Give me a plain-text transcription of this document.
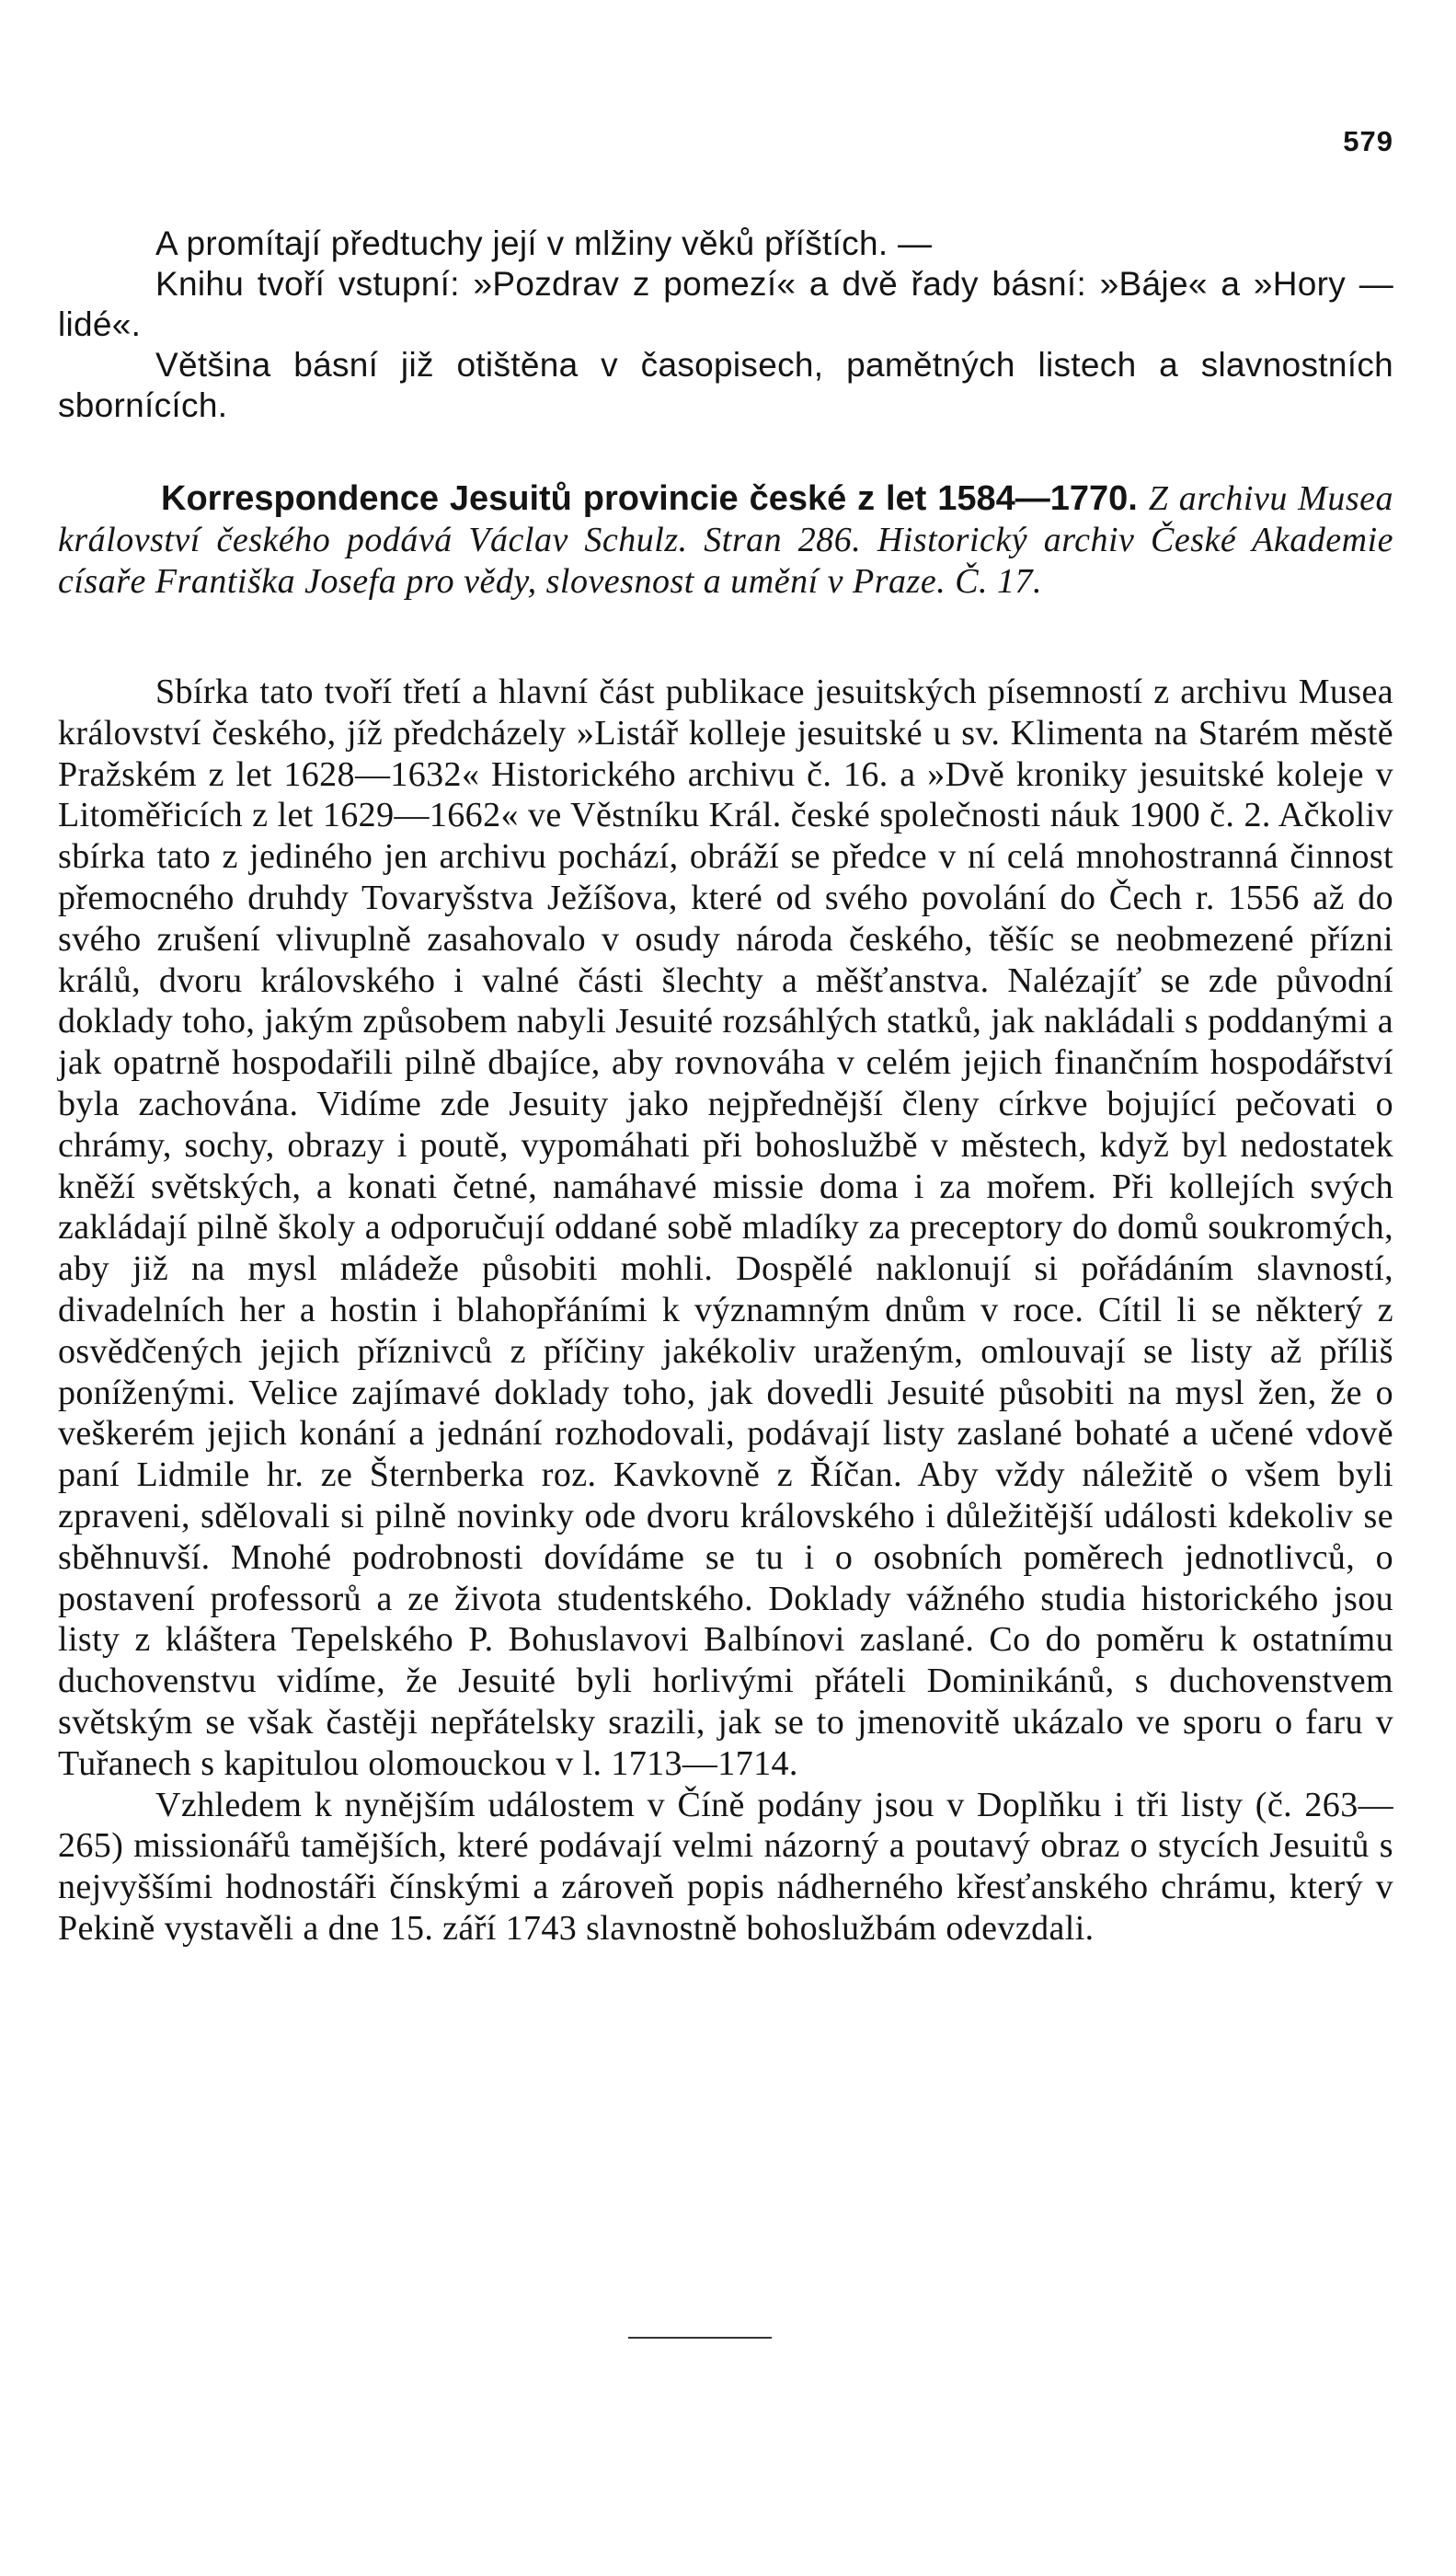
579

A promítají předtuchy její v mlžiny věků příštích. —

Knihu tvoří vstupní: »Pozdrav z pomezí« a dvě řady básní: »Báje« a »Hory — lidé«.

Většina básní již otištěna v časopisech, pamětných listech a slavnostních sbornících.

Korrespondence Jesuitů provincie české z let 1584—1770. Z archivu Musea království českého podává Václav Schulz. Stran 286. Historický archiv České Akademie císaře Františka Josefa pro vědy, slovesnost a umění v Praze. Č. 17.

Sbírka tato tvoří třetí a hlavní část publikace jesuitských písemností z archivu Musea království českého, jíž předcházely »Listář kolleje jesuitské u sv. Klimenta na Starém městě Pražském z let 1628—1632« Historického archivu č. 16. a »Dvě kroniky jesuitské koleje v Litoměřicích z let 1629—1662« ve Věstníku Král. české společnosti náuk 1900 č. 2. Ačkoliv sbírka tato z jediného jen archivu pochází, obráží se předce v ní celá mnohostranná činnost přemocného druhdy Tovaryšstva Ježíšova, které od svého povolání do Čech r. 1556 až do svého zrušení vlivuplně zasahovalo v osudy národa českého, těšíc se neobmezené přízni králů, dvoru královského i valné části šlechty a měšťanstva. Nalézajíť se zde původní doklady toho, jakým způsobem nabyli Jesuité rozsáhlých statků, jak nakládali s poddanými a jak opatrně hospodařili pilně dbajíce, aby rovnováha v celém jejich finančním hospodářství byla zachována. Vidíme zde Jesuity jako nejpřednější členy církve bojující pečovati o chrámy, sochy, obrazy i poutě, vypomáhati při bohoslužbě v městech, když byl nedostatek kněží světských, a konati četné, namáhavé missie doma i za mořem. Při kollejích svých zakládají pilně školy a odporučují oddané sobě mladíky za preceptory do domů soukromých, aby již na mysl mládeže působiti mohli. Dospělé naklonují si pořádáním slavností, divadelních her a hostin i blahopřáními k významným dnům v roce. Cítil li se některý z osvědčených jejich příznivců z příčiny jakékoliv uraženým, omlouvají se listy až příliš poníženými. Velice zajímavé doklady toho, jak dovedli Jesuité působiti na mysl žen, že o veškerém jejich konání a jednání rozhodovali, podávají listy zaslané bohaté a učené vdově paní Lidmile hr. ze Šternberka roz. Kavkovně z Říčan. Aby vždy náležitě o všem byli zpraveni, sdělovali si pilně novinky ode dvoru královského i důležitější události kdekoliv se sběhnuvší. Mnohé podrobnosti dovídáme se tu i o osobních poměrech jednotlivců, o postavení professorů a ze života studentského. Doklady vážného studia historického jsou listy z kláštera Tepelského P. Bohuslavovi Balbínovi zaslané. Co do poměru k ostatnímu duchovenstvu vidíme, že Jesuité byli horlivými přáteli Dominikánů, s duchovenstvem světským se však častěji nepřátelsky srazili, jak se to jmenovitě ukázalo ve sporu o faru v Tuřanech s kapitulou olomouckou v l. 1713—1714.

Vzhledem k nynějším událostem v Číně podány jsou v Doplňku i tři listy (č. 263—265) missionářů tamějších, které podávají velmi názorný a poutavý obraz o stycích Jesuitů s nejvyššími hodnostáři čínskými a zároveň popis nádherného křesťanského chrámu, který v Pekině vystavěli a dne 15. září 1743 slavnostně bohoslužbám odevzdali.
